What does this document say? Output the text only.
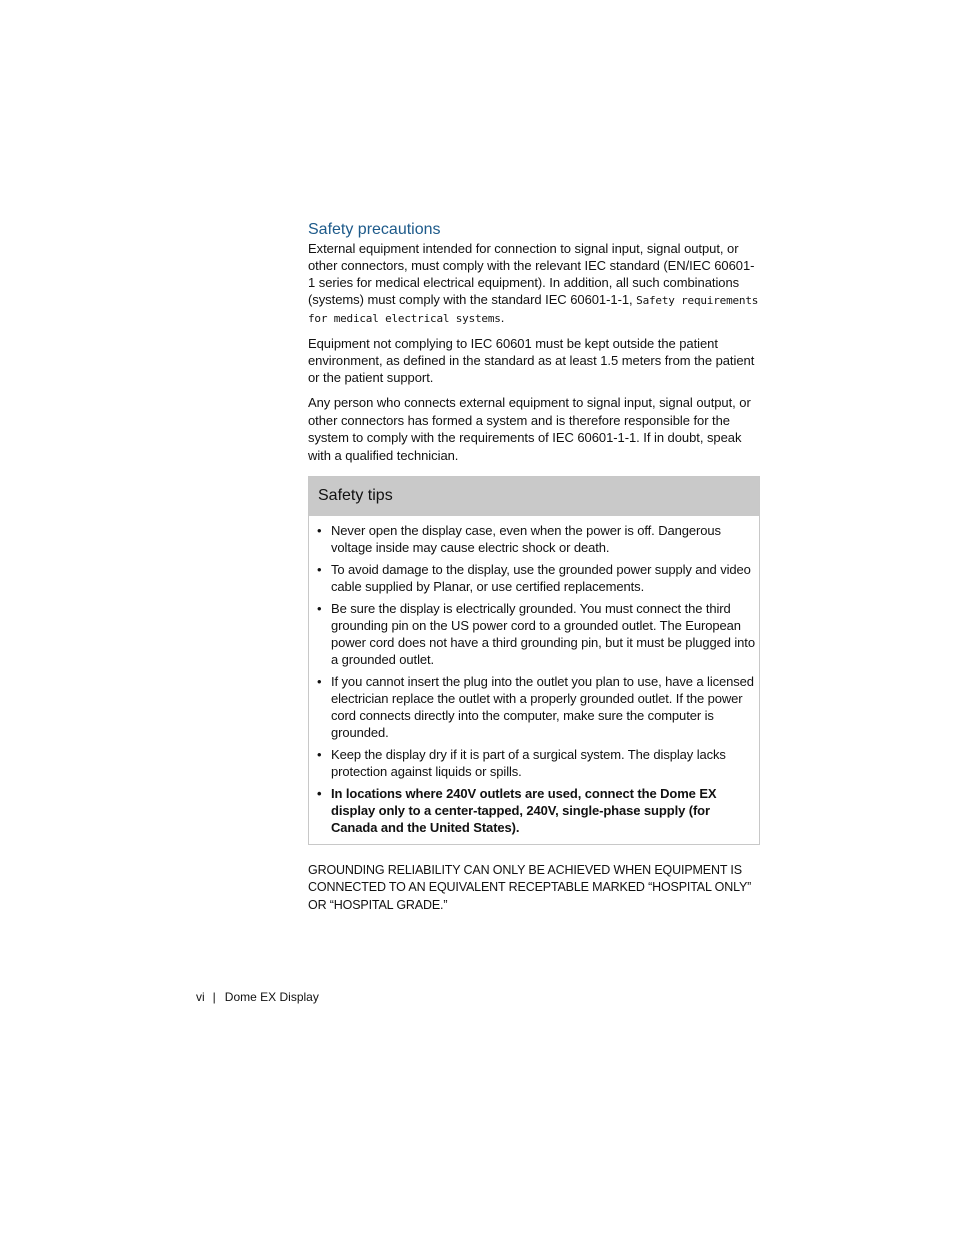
Safety precautions

External equipment intended for connection to signal input, signal output, or other connectors, must comply with the relevant IEC standard (EN/IEC 60601-1 series for medical electrical equipment). In addition, all such combinations (systems) must comply with the standard IEC 60601-1-1, Safety requirements for medical electrical systems.

Equipment not complying to IEC 60601 must be kept outside the patient environment, as defined in the standard as at least 1.5 meters from the patient or the patient support.

Any person who connects external equipment to signal input, signal output, or other connectors has formed a system and is therefore responsible for the system to comply with the requirements of IEC 60601-1-1. If in doubt, speak with a qualified technician.

Safety tips
• Never open the display case, even when the power is off. Dangerous voltage inside may cause electric shock or death.
• To avoid damage to the display, use the grounded power supply and video cable supplied by Planar, or use certified replacements.
• Be sure the display is electrically grounded. You must connect the third grounding pin on the US power cord to a grounded outlet. The European power cord does not have a third grounding pin, but it must be plugged into a grounded outlet.
• If you cannot insert the plug into the outlet you plan to use, have a licensed electrician replace the outlet with a properly grounded outlet. If the power cord connects directly into the computer, make sure the computer is grounded.
• Keep the display dry if it is part of a surgical system. The display lacks protection against liquids or spills.
• In locations where 240V outlets are used, connect the Dome EX display only to a center-tapped, 240V, single-phase supply (for Canada and the United States).

GROUNDING RELIABILITY CAN ONLY BE ACHIEVED WHEN EQUIPMENT IS CONNECTED TO AN EQUIVALENT RECEPTABLE MARKED “HOSPITAL ONLY” OR “HOSPITAL GRADE.”

vi | Dome EX Display
